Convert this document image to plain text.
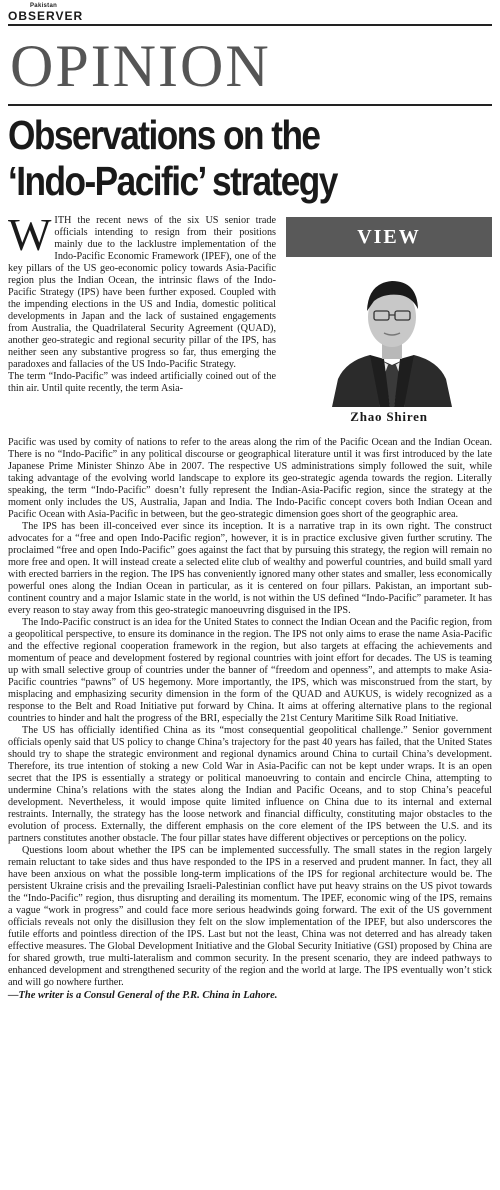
Pakistan
OBSERVER
OPINION
Observations on the
‘Indo-Pacific’ strategy

WITH the recent news of the six US senior trade officials intending to resign from their positions mainly due to the lacklustre implementation of the Indo-Pacific Economic Framework (IPEF), one of the key pillars of the US geo-economic policy towards Asia-Pacific region plus the Indian Ocean, the intrinsic flaws of the Indo-Pacific Strategy (IPS) have been further exposed. Coupled with the impending elections in the US and India, domestic political developments in Japan and the lack of sustained engagements from Australia, the Quadrilateral Security Agreement (QUAD), another geo-strategic and regional security pillar of the IPS, has neither seen any substantive progress so far, thus emerging the paradoxes and fallacies of the US Indo-Pacific Strategy.

The term “Indo-Pacific” was indeed artificially coined out of the thin air. Until quite recently, the term Asia-

VIEW
Zhao Shiren

Pacific was used by comity of nations to refer to the areas along the rim of the Pacific Ocean and the Indian Ocean. There is no “Indo-Pacific” in any political discourse or geographical literature until it was first introduced by the late Japanese Prime Minister Shinzo Abe in 2007. The respective US administrations simply followed the suit, while taking advantage of the evolving world landscape to explore its geo-strategic agenda towards the region. Literally speaking, the term “Indo-Pacific” doesn’t fully represent the Indian-Asia-Pacific region, since the strategy at the moment only includes the US, Australia, Japan and India. The Indo-Pacific concept covers both Indian Ocean and Pacific Ocean with Asia-Pacific in between, but the geo-strategic dimension goes short of the geographic area.

The IPS has been ill-conceived ever since its inception. It is a narrative trap in its own right. The construct advocates for a “free and open Indo-Pacific region”, however, it is in practice exclusive given further scrutiny. The proclaimed “free and open Indo-Pacific” goes against the fact that by pursuing this strategy, the region will remain no more free and open. It will instead create a selected elite club of wealthy and powerful countries, and build small yard with erected barriers in the region. The IPS has conveniently ignored many other states and smaller, less economically powerful ones along the Indian Ocean in particular, as it is centered on four pillars. Pakistan, an important sub-continent country and a major Islamic state in the world, is not within the US defined “Indo-Pacific” parameter. It has every reason to stay away from this geo-strategic manoeuvring disguised in the IPS.

The Indo-Pacific construct is an idea for the United States to connect the Indian Ocean and the Pacific region, from a geopolitical perspective, to ensure its dominance in the region. The IPS not only aims to erase the name Asia-Pacific and the effective regional cooperation framework in the region, but also targets at effacing the achievements and momentum of peace and development fostered by regional countries with joint effort for decades. The US is teaming up with small selective group of countries under the banner of “freedom and openness”, and attempts to make Asia-Pacific countries “pawns” of US hegemony. More importantly, the IPS, which was misconstrued from the start, by misplacing and emphasizing security dimension in the form of the QUAD and AUKUS, is widely recognized as a response to the Belt and Road Initiative put forward by China. It aims at offering alternative plans to the regional countries to hinder and halt the progress of the BRI, especially the 21st Century Maritime Silk Road Initiative.

The US has officially identified China as its “most consequential geopolitical challenge.” Senior government officials openly said that US policy to change China’s trajectory for the past 40 years has failed, that the United States should try to shape the strategic environment and regional dynamics around China to curtail China’s development. Therefore, its true intention of stoking a new Cold War in Asia-Pacific can not be kept under wraps. It is an open secret that the IPS is essentially a strategy or political manoeuvring to contain and encircle China, attempting to undermine China’s relations with the states along the Indian and Pacific Oceans, and to stop China’s peaceful development. Nevertheless, it would impose quite limited influence on China due to its internal and external restraints. Internally, the strategy has the loose network and financial difficulty, constituting major obstacles to the evolution of process. Externally, the different emphasis on the core element of the IPS between the U.S. and its partners constitutes another obstacle. The four pillar states have different objectives or perceptions on the policy.

Questions loom about whether the IPS can be implemented successfully. The small states in the region largely remain reluctant to take sides and thus have responded to the IPS in a reserved and prudent manner. In fact, they all have been anxious on what the possible long-term implications of the IPS for regional architecture would be. The persistent Ukraine crisis and the prevailing Israeli-Palestinian conflict have put heavy strains on the US pivot towards the “Indo-Pacific” region, thus disrupting and derailing its momentum. The IPEF, economic wing of the IPS, remains a vague “work in progress” and could face more serious headwinds going forward. The exit of the US government officials reveals not only the disillusion they felt on the slow implementation of the IPEF, but also underscores the futile efforts and pointless direction of the IPS. Last but not the least, China was not deterred and has already taken effective measures. The Global Development Initiative and the Global Security Initiative (GSI) proposed by China are for shared growth, true multi-lateralism and common security. In the present scenario, they are indeed pathways to enhanced development and strengthened security of the region and the world at large. The IPS eventually won’t stick and will go nowhere further.

—The writer is a Consul General of the P.R. China in Lahore.
